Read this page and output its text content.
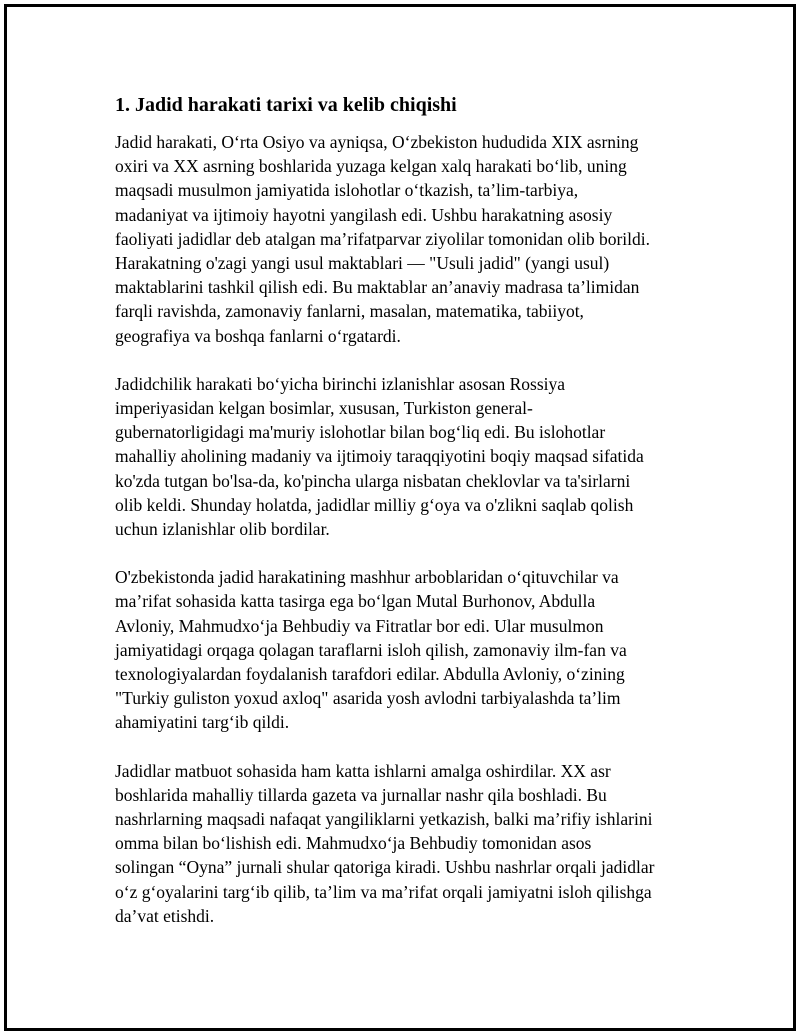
1. Jadid harakati tarixi va kelib chiqishi

Jadid harakati, O‘rta Osiyo va ayniqsa, O‘zbekiston hududida XIX asrning
oxiri va XX asrning boshlarida yuzaga kelgan xalq harakati bo‘lib, uning
maqsadi musulmon jamiyatida islohotlar o‘tkazish, ta’lim-tarbiya,
madaniyat va ijtimoiy hayotni yangilash edi. Ushbu harakatning asosiy
faoliyati jadidlar deb atalgan ma’rifatparvar ziyolilar tomonidan olib borildi.
Harakatning o'zagi yangi usul maktablari — "Usuli jadid" (yangi usul)
maktablarini tashkil qilish edi. Bu maktablar an’anaviy madrasa ta’limidan
farqli ravishda, zamonaviy fanlarni, masalan, matematika, tabiiyot,
geografiya va boshqa fanlarni o‘rgatardi.

Jadidchilik harakati bo‘yicha birinchi izlanishlar asosan Rossiya
imperiyasidan kelgan bosimlar, xususan, Turkiston general-
gubernatorligidagi ma'muriy islohotlar bilan bog‘liq edi. Bu islohotlar
mahalliy aholining madaniy va ijtimoiy taraqqiyotini boqiy maqsad sifatida
ko'zda tutgan bo'lsa-da, ko'pincha ularga nisbatan cheklovlar va ta'sirlarni
olib keldi. Shunday holatda, jadidlar milliy g‘oya va o'zlikni saqlab qolish
uchun izlanishlar olib bordilar.

O'zbekistonda jadid harakatining mashhur arboblaridan o‘qituvchilar va
ma’rifat sohasida katta tasirga ega bo‘lgan Mutal Burhonov, Abdulla
Avloniy, Mahmudxo‘ja Behbudiy va Fitratlar bor edi. Ular musulmon
jamiyatidagi orqaga qolagan taraflarni isloh qilish, zamonaviy ilm-fan va
texnologiyalardan foydalanish tarafdori edilar. Abdulla Avloniy, o‘zining
"Turkiy guliston yoxud axloq" asarida yosh avlodni tarbiyalashda ta’lim
ahamiyatini targ‘ib qildi.

Jadidlar matbuot sohasida ham katta ishlarni amalga oshirdilar. XX asr
boshlarida mahalliy tillarda gazeta va jurnallar nashr qila boshladi. Bu
nashrlarning maqsadi nafaqat yangiliklarni yetkazish, balki ma’rifiy ishlarini
omma bilan bo‘lishish edi. Mahmudxo‘ja Behbudiy tomonidan asos
solingan “Oyna” jurnali shular qatoriga kiradi. Ushbu nashrlar orqali jadidlar
o‘z g‘oyalarini targ‘ib qilib, ta’lim va ma’rifat orqali jamiyatni isloh qilishga
da’vat etishdi.
